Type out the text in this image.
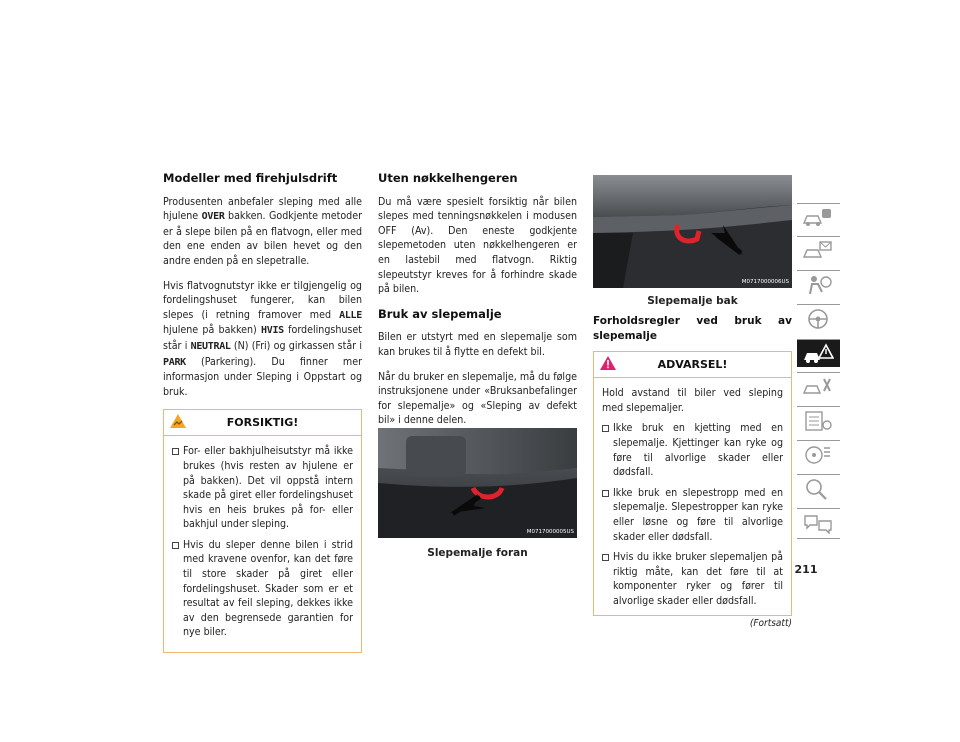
Modeller med firehjulsdrift

Produsenten anbefaler sleping med alle hjulene OVER bakken. Godkjente metoder er å slepe bilen på en flatvogn, eller med den ene enden av bilen hevet og den andre enden på en slepetralle.

Hvis flatvognutstyr ikke er tilgjengelig og fordelingshuset fungerer, kan bilen slepes (i retning framover med ALLE hjulene på bakken) HVIS fordelingshuset står i NEUTRAL (N) (Fri) og girkassen står i PARK (Parkering). Du finner mer informasjon under Sleping i Oppstart og bruk.

FORSIKTIG!
For- eller bakhjulheisutstyr må ikke brukes (hvis resten av hjulene er på bakken). Det vil oppstå intern skade på giret eller fordelingshuset hvis en heis brukes på for- eller bakhjul under sleping.
Hvis du sleper denne bilen i strid med kravene ovenfor, kan det føre til store skader på giret eller fordelingshuset. Skader som er et resultat av feil sleping, dekkes ikke av den begrensede garantien for nye biler.
Uten nøkkelhengeren

Du må være spesielt forsiktig når bilen slepes med tenningsnøkkelen i modusen OFF (Av). Den eneste godkjente slepemetoden uten nøkkelhengeren er en lastebil med flatvogn. Riktig slepeutstyr kreves for å forhindre skade på bilen.

Bruk av slepemalje

Bilen er utstyrt med en slepemalje som kan brukes til å flytte en defekt bil.

Når du bruker en slepemalje, må du følge instruksjonene under «Bruksanbefalinger for slepemalje» og «Sleping av defekt bil» i denne delen.

M0717000005US
Slepemalje foran
M0717000006US
Slepemalje bak
Forholdsregler ved bruk av slepemalje
ADVARSEL!

Hold avstand til biler ved sleping med slepemaljer.

Ikke bruk en kjetting med en slepemalje. Kjettinger kan ryke og føre til alvorlige skader eller dødsfall.
Ikke bruk en slepestropp med en slepemalje. Slepestropper kan ryke eller løsne og føre til alvorlige skader eller dødsfall.
Hvis du ikke bruker slepemaljen på riktig måte, kan det føre til at komponenter ryker og fører til alvorlige skader eller dødsfall.
(Fortsatt)
211
